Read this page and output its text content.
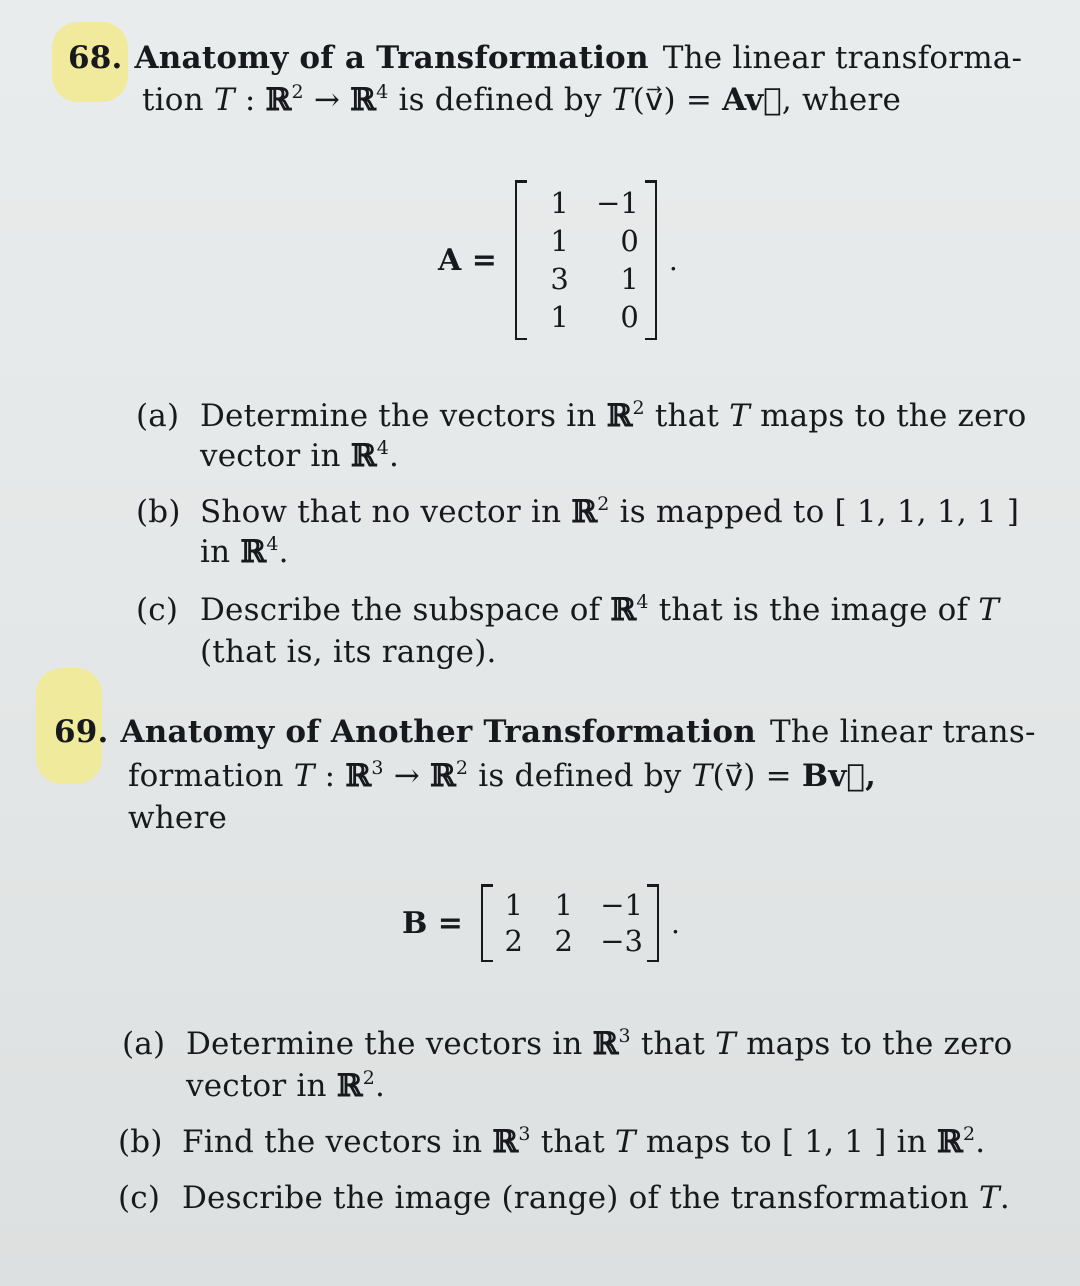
68. Anatomy of a Transformation The linear transforma-
tion T : ℝ$^2$ → ℝ$^4$ is defined by T(v⃗) = Av⃗, where
A =
1 −1
1	0
3	1
1	0
.
(a) Determine the vectors in ℝ$^2$ that T maps to the zero
vector in ℝ$^4$.
(b) Show that no vector in ℝ$^2$ is mapped to [ 1, 1, 1, 1 ]
in ℝ$^4$.
(c) Describe the subspace of ℝ$^4$ that is the image of T
(that is, its range).
69. Anatomy of Another Transformation The linear trans-
formation T : ℝ$^3$ → ℝ$^2$ is defined by T(v⃗) = Bv⃗,
where
B =
1	1 −1
2	2 −3
.
(a) Determine the vectors in ℝ$^3$ that T maps to the zero
vector in ℝ$^2$.
(b) Find the vectors in ℝ$^3$ that T maps to [ 1, 1 ] in ℝ$^2$.
(c) Describe the image (range) of the transformation T.
